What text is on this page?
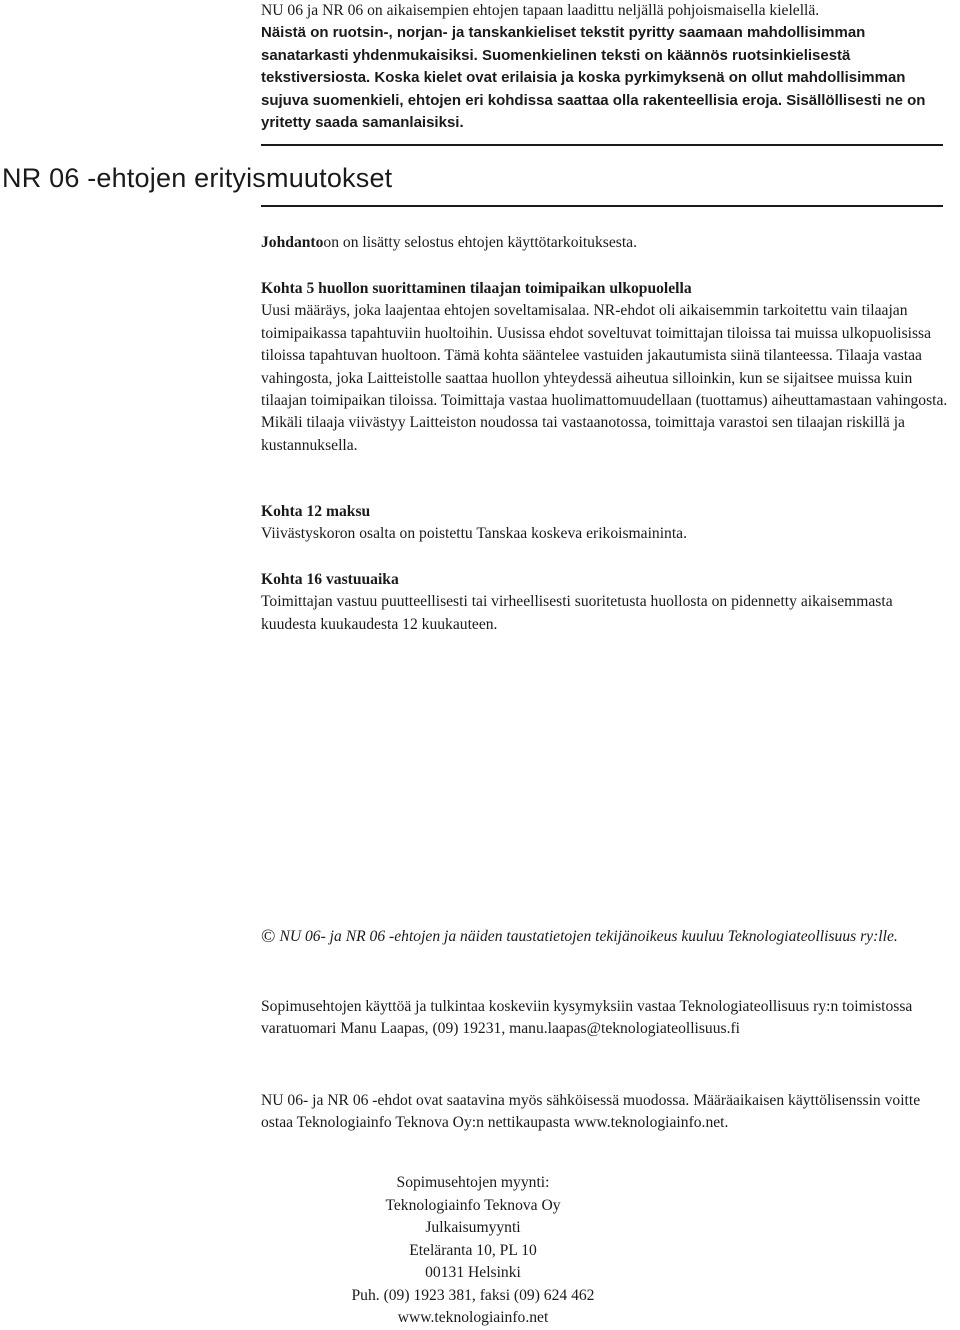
NU 06 ja NR 06 on aikaisempien ehtojen tapaan laadittu neljällä pohjoismaisella kielellä.

Näistä on ruotsin-, norjan- ja tanskankieliset tekstit pyritty saamaan mahdollisimman sanatarkasti yhdenmukaisiksi. Suomenkielinen teksti on käännös ruotsinkielisestä tekstiversiosta. Koska kielet ovat erilaisia ja koska pyrkimyksenä on ollut mahdollisimman sujuva suomenkieli, ehtojen eri kohdissa saattaa olla rakenteellisia eroja. Sisällöllisesti ne on yritetty saada samanlaisiksi.

NR 06 -ehtojen erityismuutokset

Johdantoon on lisätty selostus ehtojen käyttötarkoituksesta.

Kohta 5 huollon suorittaminen tilaajan toimipaikan ulkopuolella

Uusi määräys, joka laajentaa ehtojen soveltamisalaa. NR-ehdot oli aikaisemmin tarkoitettu vain tilaajan toimipaikassa tapahtuviin huoltoihin. Uusissa ehdot soveltuvat toimittajan tiloissa tai muissa ulkopuolisissa tiloissa tapahtuvan huoltoon. Tämä kohta sääntelee vastuiden jakautumista siinä tilanteessa. Tilaaja vastaa vahingosta, joka Laitteistolle saattaa huollon yhteydessä aiheutua silloinkin, kun se sijaitsee muissa kuin tilaajan toimipaikan tiloissa. Toimittaja vastaa huolimattomuudellaan (tuottamus) aiheuttamastaan vahingosta.

Mikäli tilaaja viivästyy Laitteiston noudossa tai vastaanotossa, toimittaja varastoi sen tilaajan riskillä ja kustannuksella.

Kohta 12 maksu

Viivästyskoron osalta on poistettu Tanskaa koskeva erikoismaininta.

Kohta 16 vastuuaika

Toimittajan vastuu puutteellisesti tai virheellisesti suoritetusta huollosta on pidennetty aikaisemmasta kuudesta kuukaudesta 12 kuukauteen.

© NU 06- ja NR 06 -ehtojen ja näiden taustatietojen tekijänoikeus kuuluu Teknologiateollisuus ry:lle.

Sopimusehtojen käyttöä ja tulkintaa koskeviin kysymyksiin vastaa Teknologiateollisuus ry:n toimistossa varatuomari Manu Laapas, (09) 19231, manu.laapas@teknologiateollisuus.fi

NU 06- ja NR 06 -ehdot ovat saatavina myös sähköisessä muodossa. Määräaikaisen käyttölisenssin voitte ostaa Teknologiainfo Teknova Oy:n nettikaupasta www.teknologiainfo.net.

Sopimusehtojen myynti:
Teknologiainfo Teknova Oy
Julkaisumyynti
Eteläranta 10, PL 10
00131 Helsinki
Puh. (09) 1923 381, faksi (09) 624 462
www.teknologiainfo.net
